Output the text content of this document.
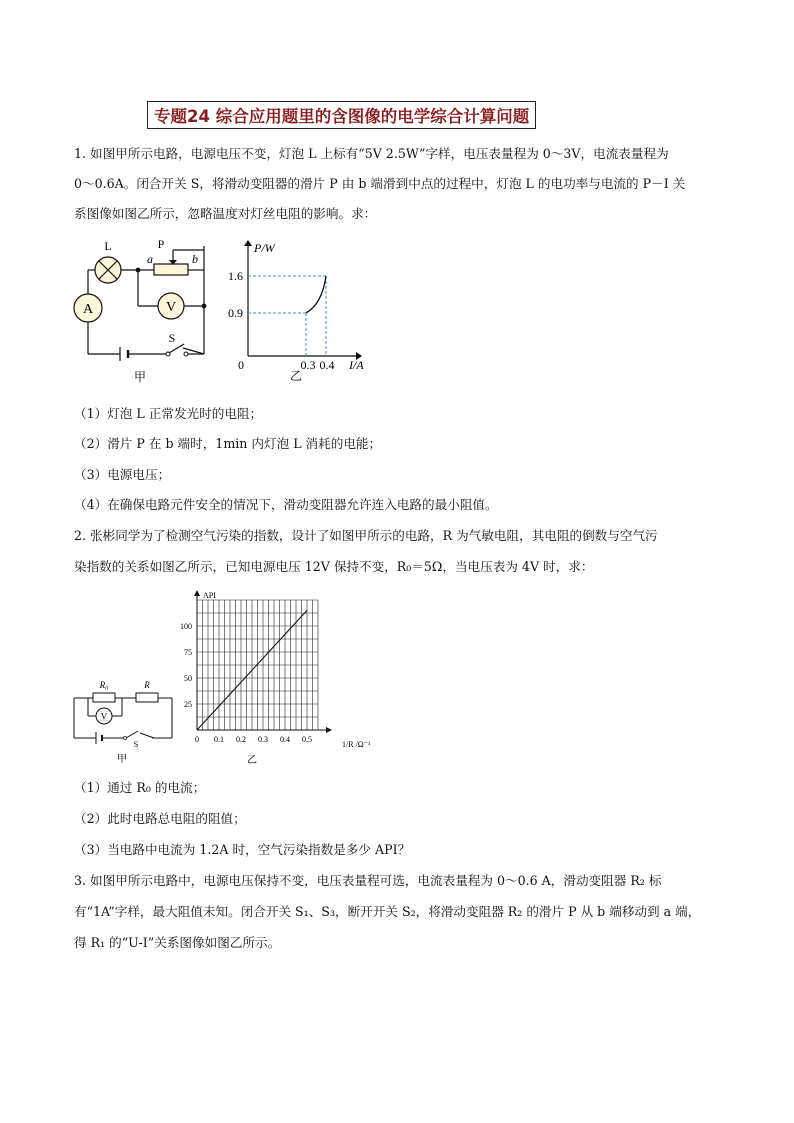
专题24 综合应用题里的含图像的电学综合计算问题
1. 如图甲所示电路，电源电压不变，灯泡 L 上标有“5V 2.5W”字样，电压表量程为 0～3V，电流表量程为
0～0.6A。闭合开关 S，将滑动变阻器的滑片 P 由 b 端滑到中点的过程中，灯泡 L 的电功率与电流的 P－I 关
系图像如图乙所示，忽略温度对灯丝电阻的影响。求：
L	P
a	b
V
A
S
甲
P/W
I/A
0
1.6
0.9
0.3 0.4
乙
（1）灯泡 L 正常发光时的电阻；
（2）滑片 P 在 b 端时，1min 内灯泡 L 消耗的电能；
（3）电源电压；
（4）在确保电路元件安全的情况下，滑动变阻器允许连入电路的最小阻值。
2. 张彬同学为了检测空气污染的指数，设计了如图甲所示的电路，R 为气敏电阻，其电阻的倒数与空气污
染指数的关系如图乙所示，已知电源电压 12V 保持不变，R₀＝5Ω，当电压表为 4V 时，求：
R₀	R
V
S
甲
API
1/R /Ω⁻¹
0 0.1 0.2 0.3 0.4 0.5
25
50
75
100
乙
（1）通过 R₀ 的电流；
（2）此时电路总电阻的阻值；
（3）当电路中电流为 1.2A 时，空气污染指数是多少 API？
3. 如图甲所示电路中，电源电压保持不变，电压表量程可选，电流表量程为 0～0.6 A，滑动变阻器 R₂ 标
有“1A”字样，最大阻值未知。闭合开关 S₁、S₃，断开开关 S₂，将滑动变阻器 R₂ 的滑片 P 从 b 端移动到 a 端，
得 R₁ 的“U-I”关系图像如图乙所示。
